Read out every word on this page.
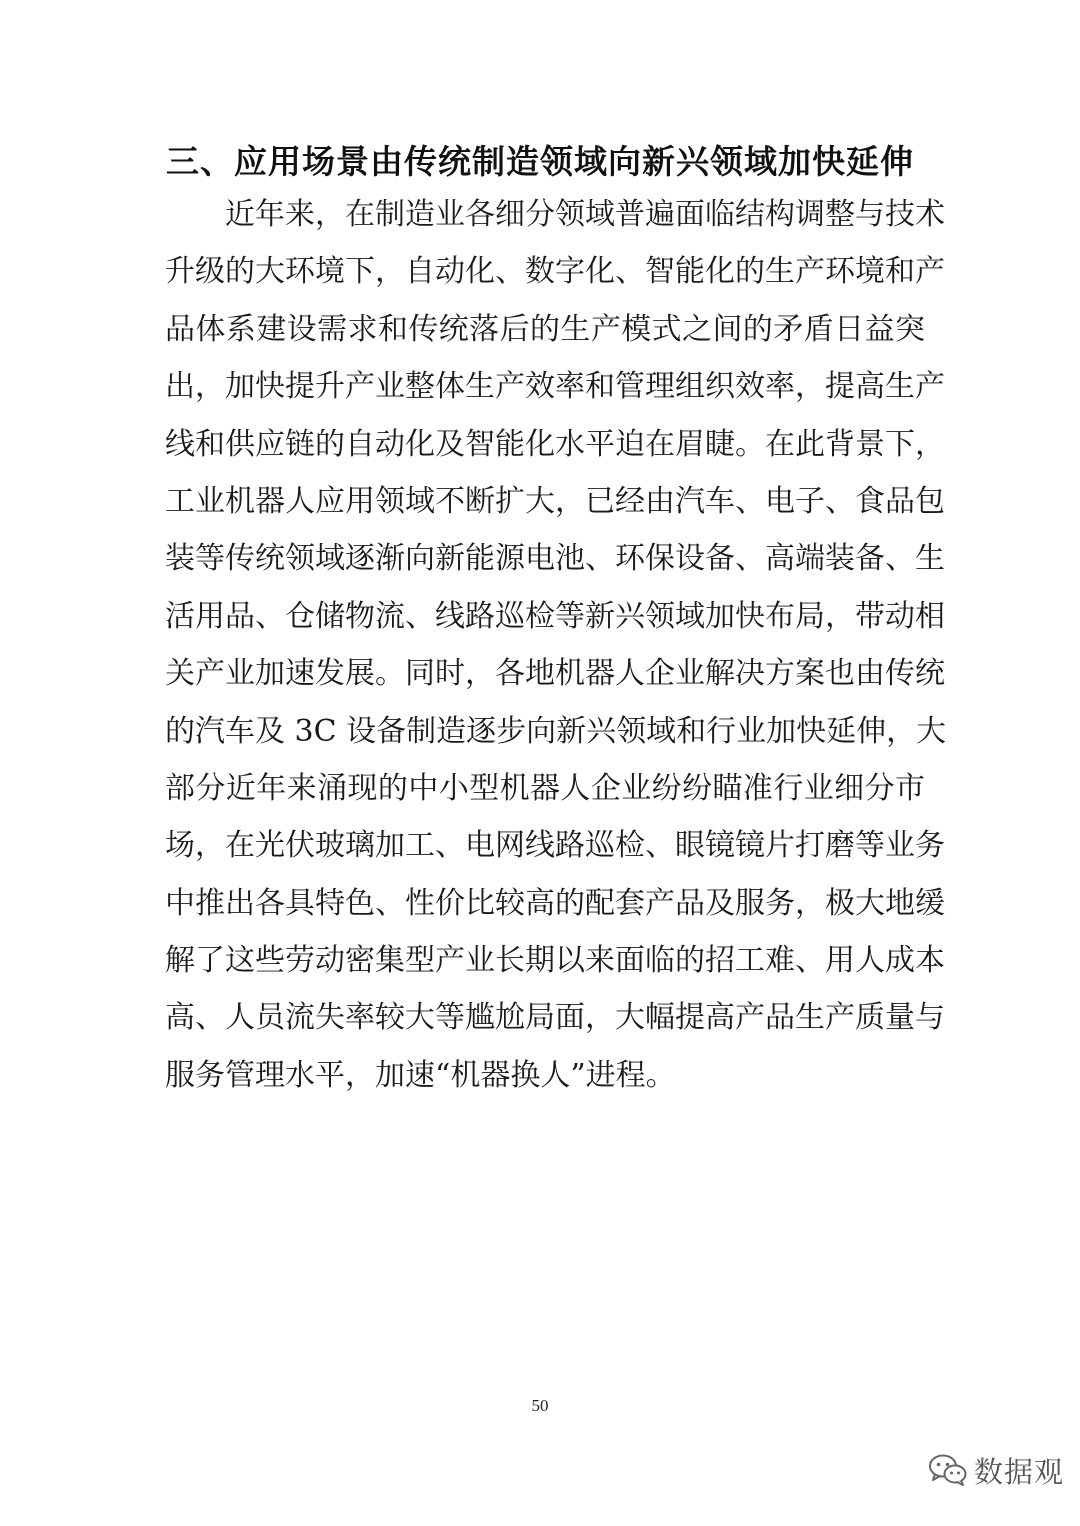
三、应用场景由传统制造领域向新兴领域加快延伸
近年来，在制造业各细分领域普遍面临结构调整与技术
升级的大环境下，自动化、数字化、智能化的生产环境和产
品体系建设需求和传统落后的生产模式之间的矛盾日益突
出，加快提升产业整体生产效率和管理组织效率，提高生产
线和供应链的自动化及智能化水平迫在眉睫。在此背景下，
工业机器人应用领域不断扩大，已经由汽车、电子、食品包
装等传统领域逐渐向新能源电池、环保设备、高端装备、生
活用品、仓储物流、线路巡检等新兴领域加快布局，带动相
关产业加速发展。同时，各地机器人企业解决方案也由传统
的汽车及 3C 设备制造逐步向新兴领域和行业加快延伸，大
部分近年来涌现的中小型机器人企业纷纷瞄准行业细分市
场，在光伏玻璃加工、电网线路巡检、眼镜镜片打磨等业务
中推出各具特色、性价比较高的配套产品及服务，极大地缓
解了这些劳动密集型产业长期以来面临的招工难、用人成本
高、人员流失率较大等尴尬局面，大幅提高产品生产质量与
服务管理水平，加速“机器换人”进程。
50
数据观
